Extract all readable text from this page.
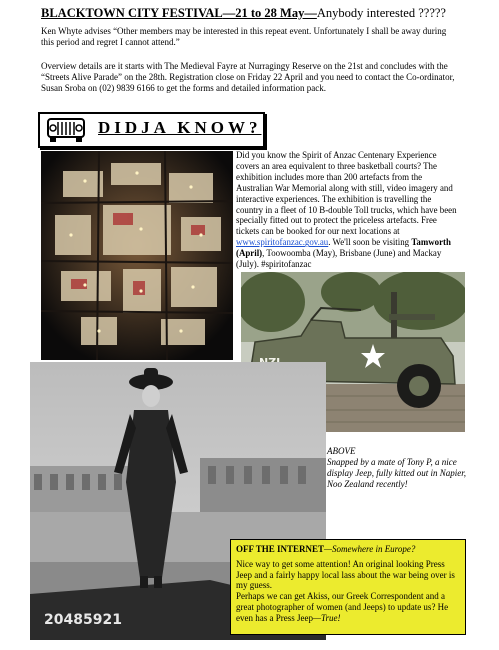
BLACKTOWN CITY FESTIVAL—21 to 28 May—Anybody interested ?????
Ken Whyte advises “Other members may be interested in this repeat event. Unfortunately I shall be away during this period and regret I cannot attend.”
Overview details are it starts with The Medieval Fayre at Nurragingy Reserve on the 21st and concludes with the “Streets Alive Parade” on the 28th. Registration close on Friday 22 April and you need to contact the Co-ordinator, Susan Sroba on (02) 9839 6166 to get the forms and detailed information pack.
DIDJA KNOW?
Did you know the Spirit of Anzac Centenary Experience covers an area equivalent to three basketball courts? The exhibition includes more than 200 artefacts from the Australian War Memorial along with still, video imagery and interactive experiences. The exhibition is travelling the country in a fleet of 10 B-double Toll trucks, which have been specially fitted out to protect the priceless artefacts. Free tickets can be booked for our next locations at www.spiritofanzac.gov.au. We'll soon be visiting Tamworth (April), Toowoomba (May), Brisbane (June) and Mackay (July). #spiritofanzac
20485921
ABOVE
Snapped by a mate of Tony P, a nice display Jeep, fully kitted out in Napier, Noo Zealand recently!
OFF THE INTERNET—Somewhere in Europe?
Nice way to get some attention! An original looking Press Jeep and a fairly happy local lass about the war being over is my guess.
Perhaps we can get Akiss, our Greek Correspondent and a great photographer of women (and Jeeps) to update us? He even has a Press Jeep—True!
